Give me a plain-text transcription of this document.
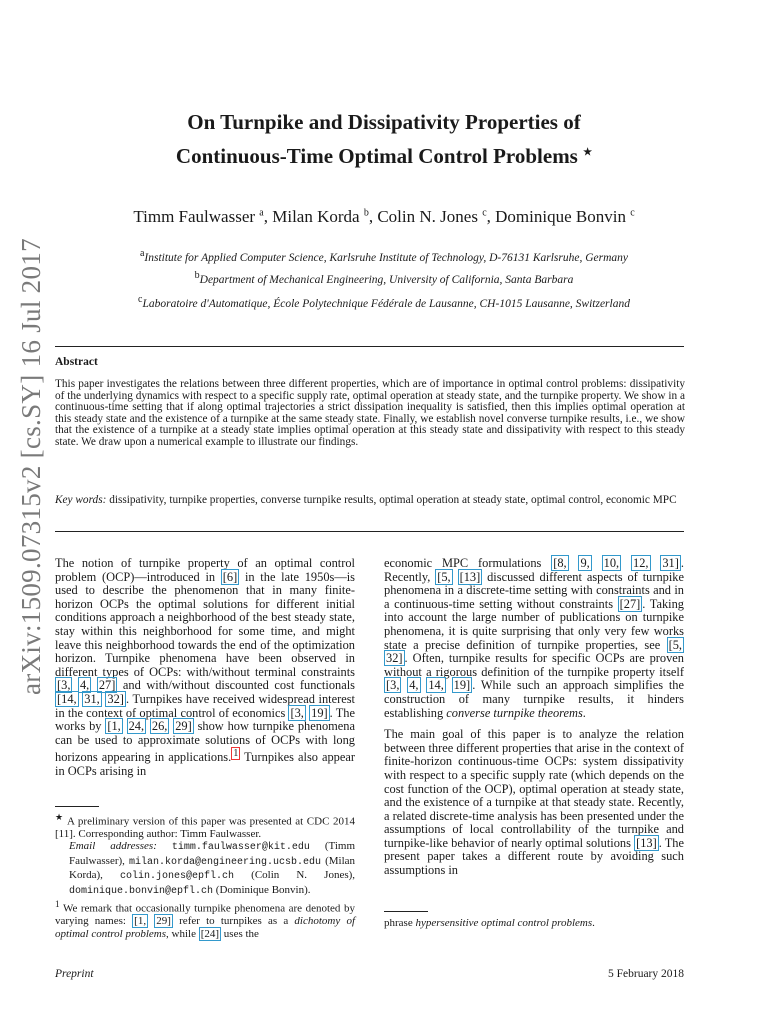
arXiv:1509.07315v2 [cs.SY] 16 Jul 2017
On Turnpike and Dissipativity Properties of
Continuous-Time Optimal Control Problems ★
Timm Faulwasser $^a$, Milan Korda $^b$, Colin N. Jones $^c$, Dominique Bonvin $^c$
$^a$Institute for Applied Computer Science, Karlsruhe Institute of Technology, D-76131 Karlsruhe, Germany
$^b$Department of Mechanical Engineering, University of California, Santa Barbara
$^c$Laboratoire d'Automatique, École Polytechnique Fédérale de Lausanne, CH-1015 Lausanne, Switzerland
Abstract
This paper investigates the relations between three different properties, which are of importance in optimal control problems: dissipativity of the underlying dynamics with respect to a specific supply rate, optimal operation at steady state, and the turnpike property. We show in a continuous-time setting that if along optimal trajectories a strict dissipation inequality is satisfied, then this implies optimal operation at this steady state and the existence of a turnpike at the same steady state. Finally, we establish novel converse turnpike results, i.e., we show that the existence of a turnpike at a steady state implies optimal operation at this steady state and dissipativity with respect to this steady state. We draw upon a numerical example to illustrate our findings.
Key words: dissipativity, turnpike properties, converse turnpike results, optimal operation at steady state, optimal control, economic MPC

The notion of turnpike property of an optimal control problem (OCP)—introduced in [6] in the late 1950s—is used to describe the phenomenon that in many finite-horizon OCPs the optimal solutions for different initial conditions approach a neighborhood of the best steady state, stay within this neighborhood for some time, and might leave this neighborhood towards the end of the optimization horizon. Turnpike phenomena have been observed in different types of OCPs: with/without terminal constraints [3, 4, 27] and with/without discounted cost functionals [14, 31, 32] . Turnpikes have received widespread interest in the context of optimal control of economics [3, 19] . The works by [1, 24, 26, 29] show how turnpike phenomena can be used to approximate solutions of OCPs with long horizons appearing in applications. $^1$ Turnpikes also appear in OCPs arising in

★ A preliminary version of this paper was presented at CDC 2014 [11]. Corresponding author: Timm Faulwasser.
Email addresses: timm.faulwasser@kit.edu (Timm Faulwasser), milan.korda@engineering.ucsb.edu (Milan Korda), colin.jones@epfl.ch (Colin N. Jones), dominique.bonvin@epfl.ch (Dominique Bonvin).
$^1$ We remark that occasionally turnpike phenomena are denoted by varying names: [1, 29] refer to turnpikes as a dichotomy of optimal control problems, while [24] uses the

economic MPC formulations [8, 9, 10, 12, 31] . Recently, [5, [13] discussed different aspects of turnpike phenomena in a discrete-time setting with constraints and in a continuous-time setting without constraints [27] . Taking into account the large number of publications on turnpike phenomena, it is quite surprising that only very few works state a precise definition of turnpike properties, see [5, 32] . Often, turnpike results for specific OCPs are proven without a rigorous definition of the turnpike property itself [3, 4, 14, 19] . While such an approach simplifies the construction of many turnpike results, it hinders establishing converse turnpike theorems.

The main goal of this paper is to analyze the relation between three different properties that arise in the context of finite-horizon continuous-time OCPs: system dissipativity with respect to a specific supply rate (which depends on the cost function of the OCP), optimal operation at steady state, and the existence of a turnpike at that steady state. Recently, a related discrete-time analysis has been presented under the assumptions of local controllability of the turnpike and turnpike-like behavior of nearly optimal solutions [13] . The present paper takes a different route by avoiding such assumptions in

phrase hypersensitive optimal control problems.
Preprint	5 February 2018
